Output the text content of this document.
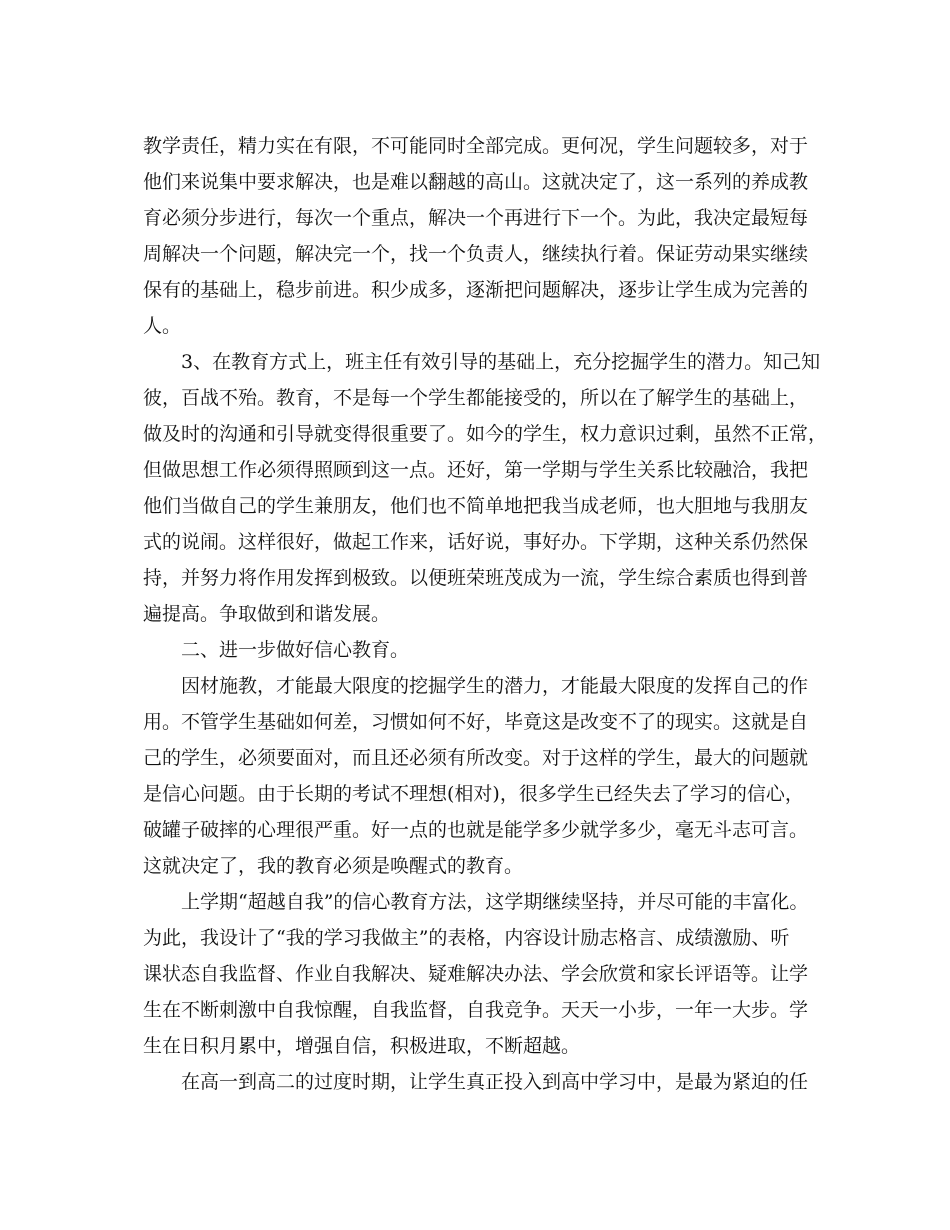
教学责任，精力实在有限，不可能同时全部完成。更何况，学生问题较多，对于

他们来说集中要求解决，也是难以翻越的高山。这就决定了，这一系列的养成教

育必须分步进行，每次一个重点，解决一个再进行下一个。为此，我决定最短每

周解决一个问题，解决完一个，找一个负责人，继续执行着。保证劳动果实继续

保有的基础上，稳步前进。积少成多，逐渐把问题解决，逐步让学生成为完善的

人。

3、在教育方式上，班主任有效引导的基础上，充分挖掘学生的潜力。知己知

彼，百战不殆。教育，不是每一个学生都能接受的，所以在了解学生的基础上，

做及时的沟通和引导就变得很重要了。如今的学生，权力意识过剩，虽然不正常，

但做思想工作必须得照顾到这一点。还好，第一学期与学生关系比较融洽，我把

他们当做自己的学生兼朋友，他们也不简单地把我当成老师，也大胆地与我朋友

式的说闹。这样很好，做起工作来，话好说，事好办。下学期，这种关系仍然保

持，并努力将作用发挥到极致。以便班荣班茂成为一流，学生综合素质也得到普

遍提高。争取做到和谐发展。

二、进一步做好信心教育。

因材施教，才能最大限度的挖掘学生的潜力，才能最大限度的发挥自己的作

用。不管学生基础如何差，习惯如何不好，毕竟这是改变不了的现实。这就是自

己的学生，必须要面对，而且还必须有所改变。对于这样的学生，最大的问题就

是信心问题。由于长期的考试不理想(相对)，很多学生已经失去了学习的信心，

破罐子破摔的心理很严重。好一点的也就是能学多少就学多少，毫无斗志可言。

这就决定了，我的教育必须是唤醒式的教育。

上学期“超越自我”的信心教育方法，这学期继续坚持，并尽可能的丰富化。

为此，我设计了“我的学习我做主”的表格，内容设计励志格言、成绩激励、听

课状态自我监督、作业自我解决、疑难解决办法、学会欣赏和家长评语等。让学

生在不断刺激中自我惊醒，自我监督，自我竞争。天天一小步，一年一大步。学

生在日积月累中，增强自信，积极进取，不断超越。

在高一到高二的过度时期，让学生真正投入到高中学习中，是最为紧迫的任
